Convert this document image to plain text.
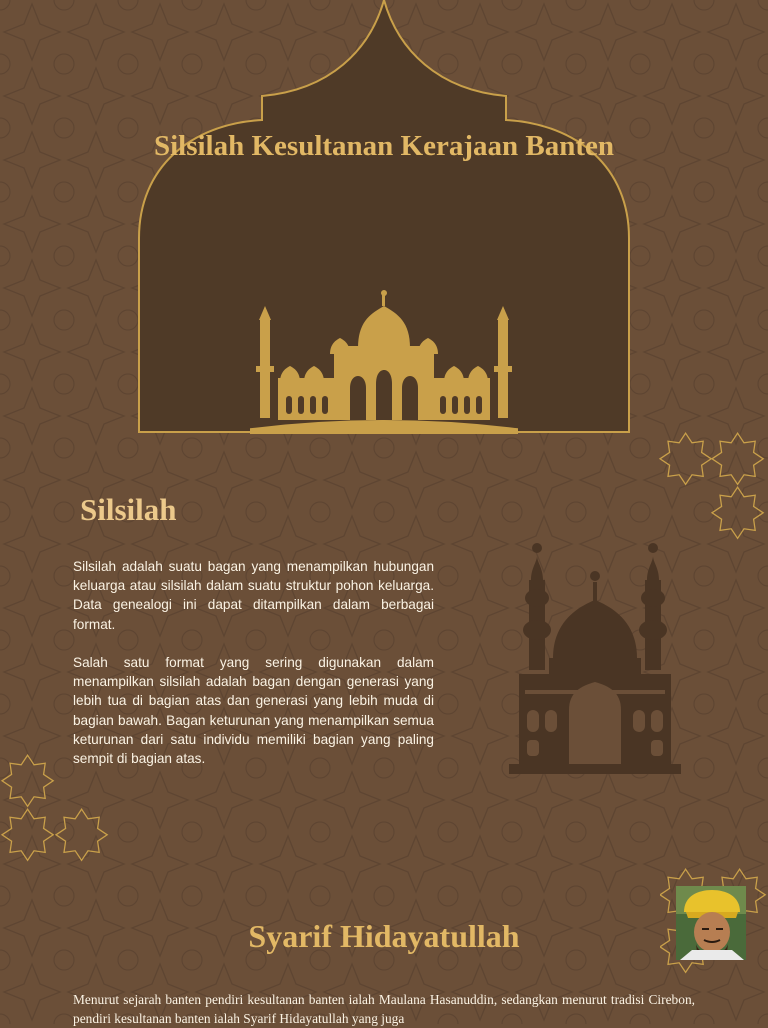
Silsilah Kesultanan Kerajaan Banten
Silsilah

Silsilah adalah suatu bagan yang menampilkan hubungan keluarga atau silsilah dalam suatu struktur pohon keluarga. Data genealogi ini dapat ditampilkan dalam berbagai format.

Salah satu format yang sering digunakan dalam menampilkan silsilah adalah bagan dengan generasi yang lebih tua di bagian atas dan generasi yang lebih muda di bagian bawah. Bagan keturunan yang menampilkan semua keturunan dari satu individu memiliki bagian yang paling sempit di bagian atas.

Syarif Hidayatullah

Menurut sejarah banten pendiri kesultanan banten ialah Maulana Hasanuddin, sedangkan menurut tradisi Cirebon, pendiri kesultanan banten ialah Syarif Hidayatullah yang juga
